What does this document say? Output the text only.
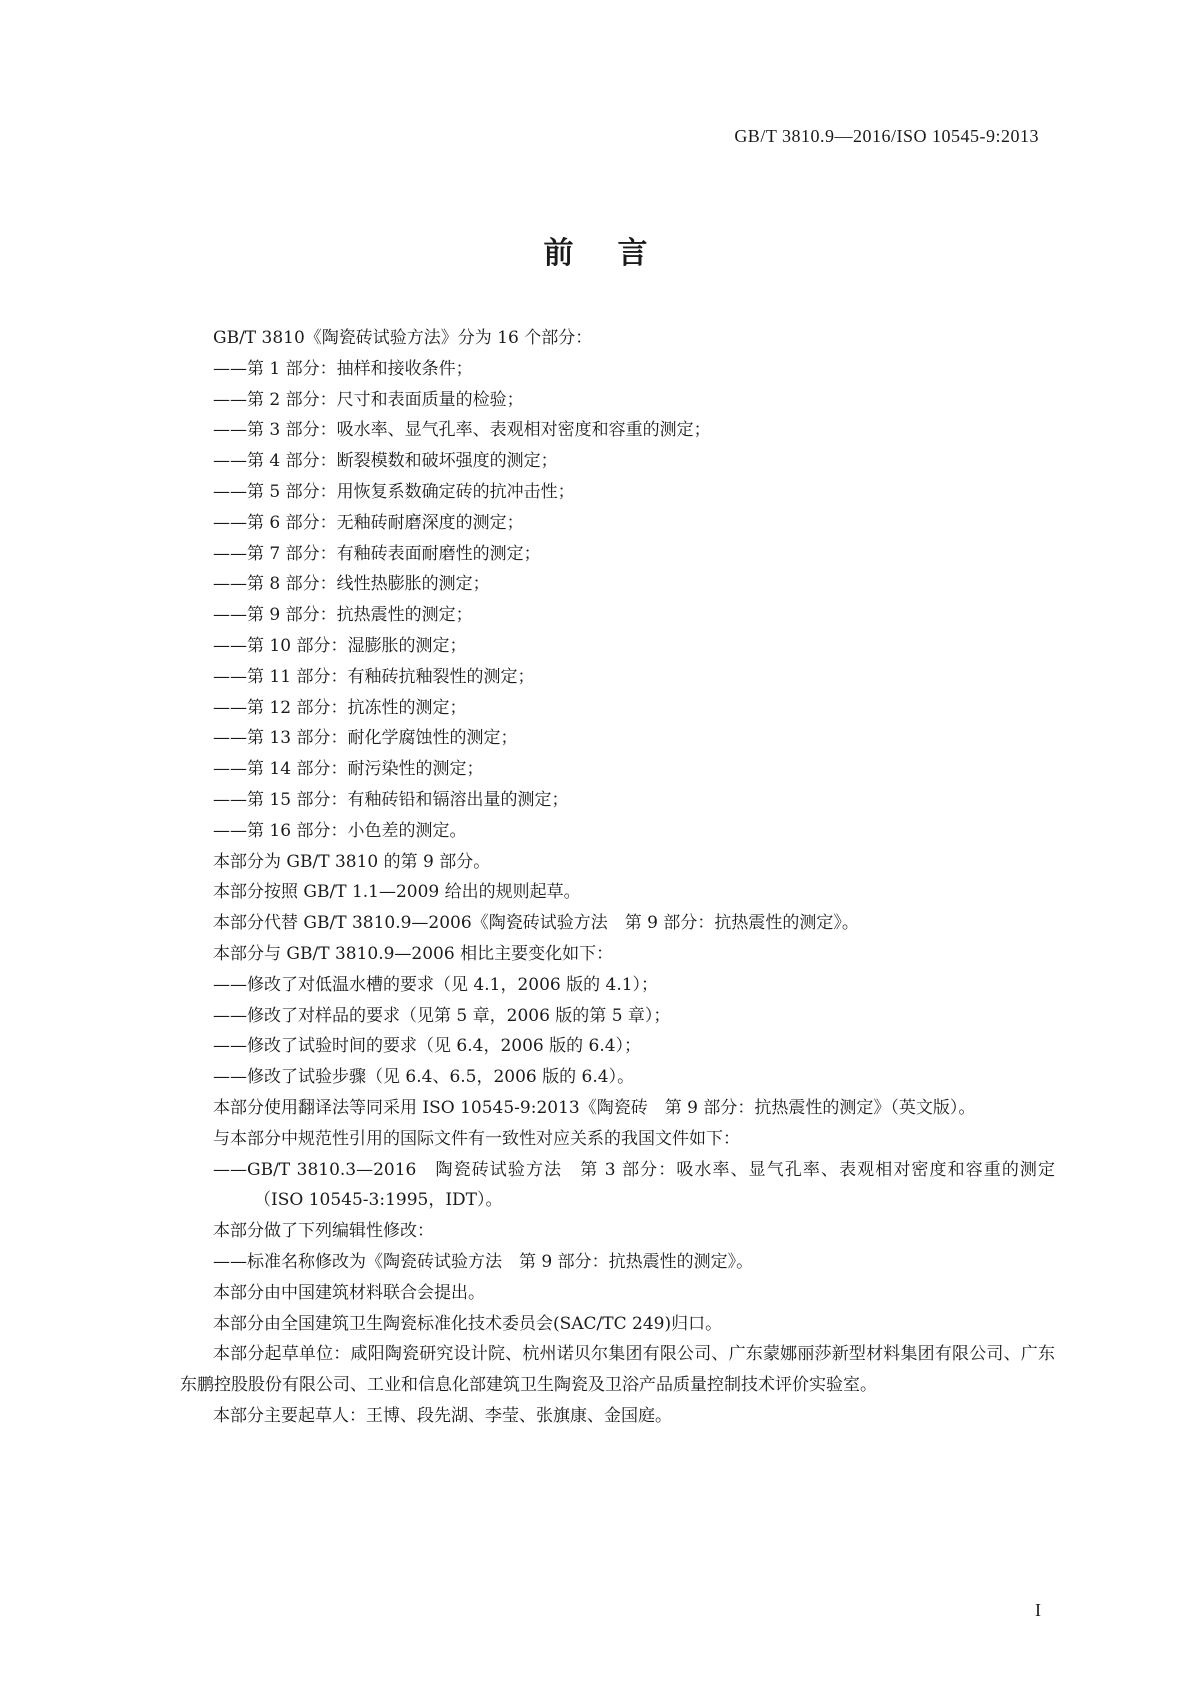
GB/T 3810.9—2016/ISO 10545-9:2013
前言

GB/T 3810《陶瓷砖试验方法》分为 16 个部分：

——第 1 部分：抽样和接收条件；

——第 2 部分：尺寸和表面质量的检验；

——第 3 部分：吸水率、显气孔率、表观相对密度和容重的测定；

——第 4 部分：断裂模数和破坏强度的测定；

——第 5 部分：用恢复系数确定砖的抗冲击性；

——第 6 部分：无釉砖耐磨深度的测定；

——第 7 部分：有釉砖表面耐磨性的测定；

——第 8 部分：线性热膨胀的测定；

——第 9 部分：抗热震性的测定；

——第 10 部分：湿膨胀的测定；

——第 11 部分：有釉砖抗釉裂性的测定；

——第 12 部分：抗冻性的测定；

——第 13 部分：耐化学腐蚀性的测定；

——第 14 部分：耐污染性的测定；

——第 15 部分：有釉砖铅和镉溶出量的测定；

——第 16 部分：小色差的测定。

本部分为 GB/T 3810 的第 9 部分。

本部分按照 GB/T 1.1—2009 给出的规则起草。

本部分代替 GB/T 3810.9—2006《陶瓷砖试验方法　第 9 部分：抗热震性的测定》。

本部分与 GB/T 3810.9—2006 相比主要变化如下：

——修改了对低温水槽的要求（见 4.1，2006 版的 4.1）；

——修改了对样品的要求（见第 5 章，2006 版的第 5 章）；

——修改了试验时间的要求（见 6.4，2006 版的 6.4）；

——修改了试验步骤（见 6.4、6.5，2006 版的 6.4）。

本部分使用翻译法等同采用 ISO 10545-9:2013《陶瓷砖　第 9 部分：抗热震性的测定》（英文版）。

与本部分中规范性引用的国际文件有一致性对应关系的我国文件如下：

——GB/T 3810.3—2016　陶瓷砖试验方法　第 3 部分：吸水率、显气孔率、表观相对密度和容重的测定（ISO 10545-3:1995，IDT）。

本部分做了下列编辑性修改：

——标准名称修改为《陶瓷砖试验方法　第 9 部分：抗热震性的测定》。

本部分由中国建筑材料联合会提出。

本部分由全国建筑卫生陶瓷标准化技术委员会(SAC/TC 249)归口。

本部分起草单位：咸阳陶瓷研究设计院、杭州诺贝尔集团有限公司、广东蒙娜丽莎新型材料集团有限公司、广东东鹏控股股份有限公司、工业和信息化部建筑卫生陶瓷及卫浴产品质量控制技术评价实验室。

本部分主要起草人：王博、段先湖、李莹、张旗康、金国庭。

I
